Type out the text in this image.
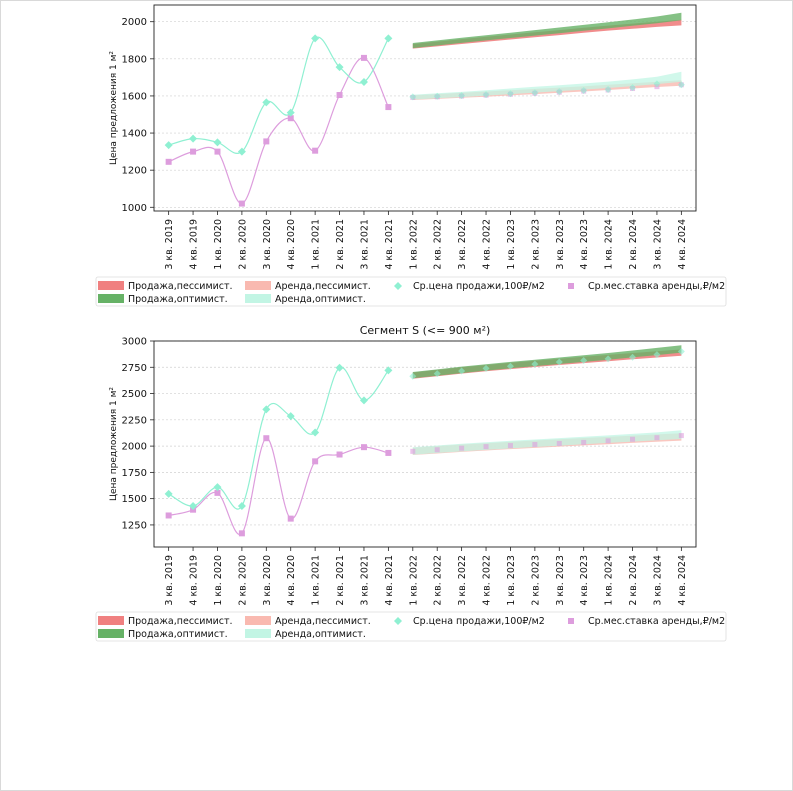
1000
1200
1400
1600
1800
2000
Цена предложения 1 м²
3 кв. 2019 4 кв. 2019 1 кв. 2020 2 кв. 2020 3 кв. 2020 4 кв. 2020 1 кв. 2021 2 кв. 2021 3 кв. 2021 4 кв. 2021 1 кв. 2022 2 кв. 2022 3 кв. 2022 4 кв. 2022 1 кв. 2023 2 кв. 2023 3 кв. 2023 4 кв. 2023 1 кв. 2024 2 кв. 2024 3 кв. 2024 4 кв. 2024
Продажа,пессимист.
Продажа,оптимист.
Аренда,пессимист.
Аренда,оптимист.
Ср.цена продажи,100₽/м2	Ср.мес.ставка аренды,₽/м2
Сегмент S (<= 900 м²)
1250
1500
1750
2000
2250
2500
2750
3000
Цена предложения 1 м²
3 кв. 2019 4 кв. 2019 1 кв. 2020 2 кв. 2020 3 кв. 2020 4 кв. 2020 1 кв. 2021 2 кв. 2021 3 кв. 2021 4 кв. 2021 1 кв. 2022 2 кв. 2022 3 кв. 2022 4 кв. 2022 1 кв. 2023 2 кв. 2023 3 кв. 2023 4 кв. 2023 1 кв. 2024 2 кв. 2024 3 кв. 2024 4 кв. 2024
Продажа,пессимист.
Продажа,оптимист.
Аренда,пессимист.
Аренда,оптимист.
Ср.цена продажи,100₽/м2	Ср.мес.ставка аренды,₽/м2
